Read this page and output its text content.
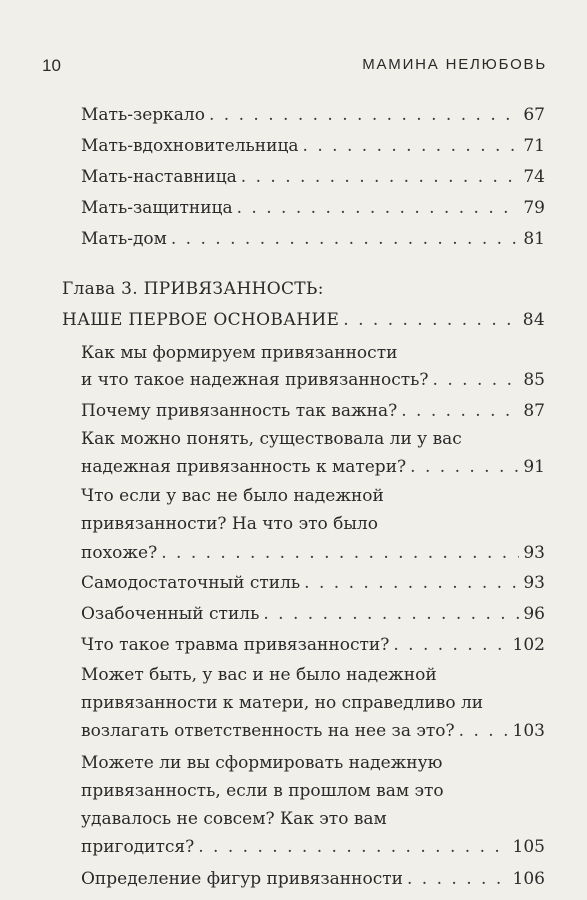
10	МАМИНА НЕЛЮБОВЬ
Мать-зеркало . . .	67
Мать-вдохновительница . . .	71
Мать-наставница . . .	74
Мать-защитница . . .	79
Мать-дом . . .	81
Глава 3. ПРИВЯЗАННОСТЬ:
НАШЕ ПЕРВОЕ ОСНОВАНИЕ . . .	84
Как мы формируем привязанности
и что такое надежная привязанность? . . .	85
Почему привязанность так важна? . . .	87
Как можно понять, существовала ли у вас
надежная привязанность к матери? . . .	91
Что если у вас не было надежной
привязанности? На что это было
похоже? . . .	93
Самодостаточный стиль . . .	93
Озабоченный стиль . . .	96
Что такое травма привязанности? . . .	102
Может быть, у вас и не было надежной
привязанности к матери, но справедливо ли
возлагать ответственность на нее за это? . . .	103
Можете ли вы сформировать надежную
привязанность, если в прошлом вам это
удавалось не совсем? Как это вам
пригодится? . . .	105
Определение фигур привязанности . . .	106
